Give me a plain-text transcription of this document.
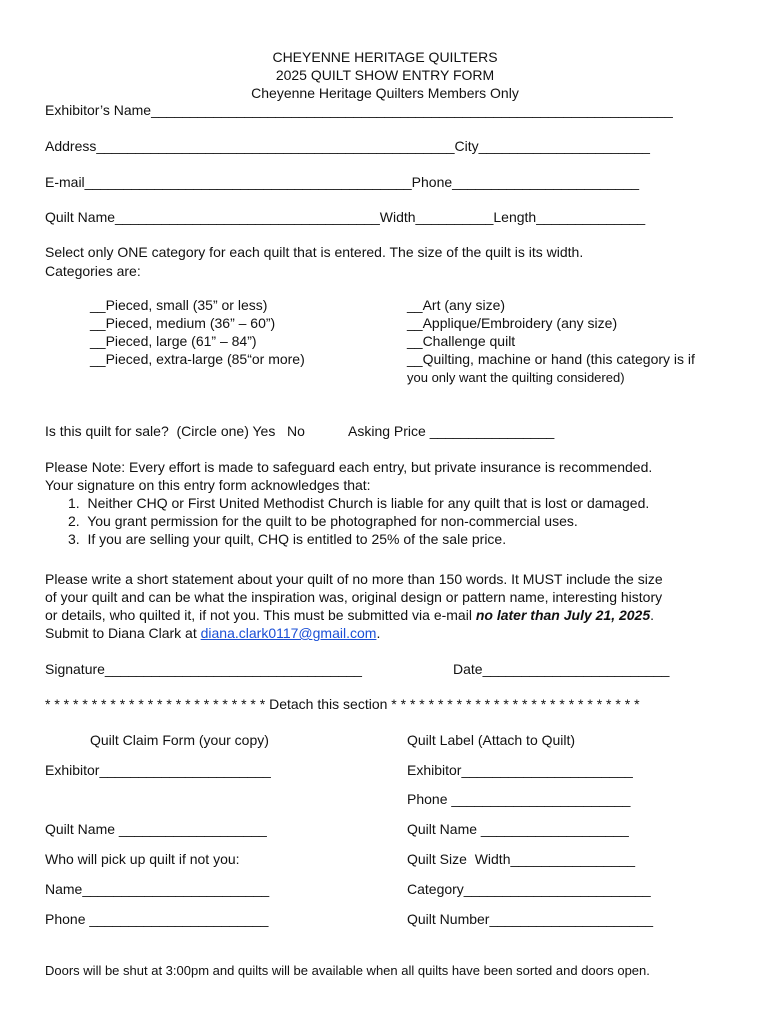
CHEYENNE HERITAGE QUILTERS
2025 QUILT SHOW ENTRY FORM
Cheyenne Heritage Quilters Members Only
Exhibitor’s Name___________________________________________________________________
Address______________________________________________City______________________
E-mail__________________________________________Phone________________________
Quilt Name__________________________________Width__________Length______________
Select only ONE category for each quilt that is entered. The size of the quilt is its width.
Categories are:
__Pieced, small (35” or less)
__Pieced, medium (36” – 60”)
__Pieced, large (61” – 84”)
__Pieced, extra-large (85“or more)
__Art (any size)
__Applique/Embroidery (any size)
__Challenge quilt
__Quilting, machine or hand (this category is if
you only want the quilting considered)
Is this quilt for sale?  (Circle one) Yes   No	Asking Price ________________
Please Note: Every effort is made to safeguard each entry, but private insurance is recommended.
Your signature on this entry form acknowledges that:
1.  Neither CHQ or First United Methodist Church is liable for any quilt that is lost or damaged.
2.  You grant permission for the quilt to be photographed for non-commercial uses.
3.  If you are selling your quilt, CHQ is entitled to 25% of the sale price.
Please write a short statement about your quilt of no more than 150 words. It MUST include the size
of your quilt and can be what the inspiration was, original design or pattern name, interesting history
or details, who quilted it, if not you. This must be submitted via e-mail no later than July 21, 2025.
Submit to Diana Clark at diana.clark0117@gmail.com.
Signature_________________________________	Date________________________
* * * * * * * * * * * * * * * * * * * * * * * * Detach this section * * * * * * * * * * * * * * * * * * * * * * * * * * *
Quilt Claim Form (your copy)
Exhibitor______________________
Quilt Name ___________________
Who will pick up quilt if not you:
Name________________________
Phone _______________________
Quilt Label (Attach to Quilt)
Exhibitor______________________
Phone _______________________
Quilt Name ___________________
Quilt Size  Width________________
Category________________________
Quilt Number_____________________
Doors will be shut at 3:00pm and quilts will be available when all quilts have been sorted and doors open.
